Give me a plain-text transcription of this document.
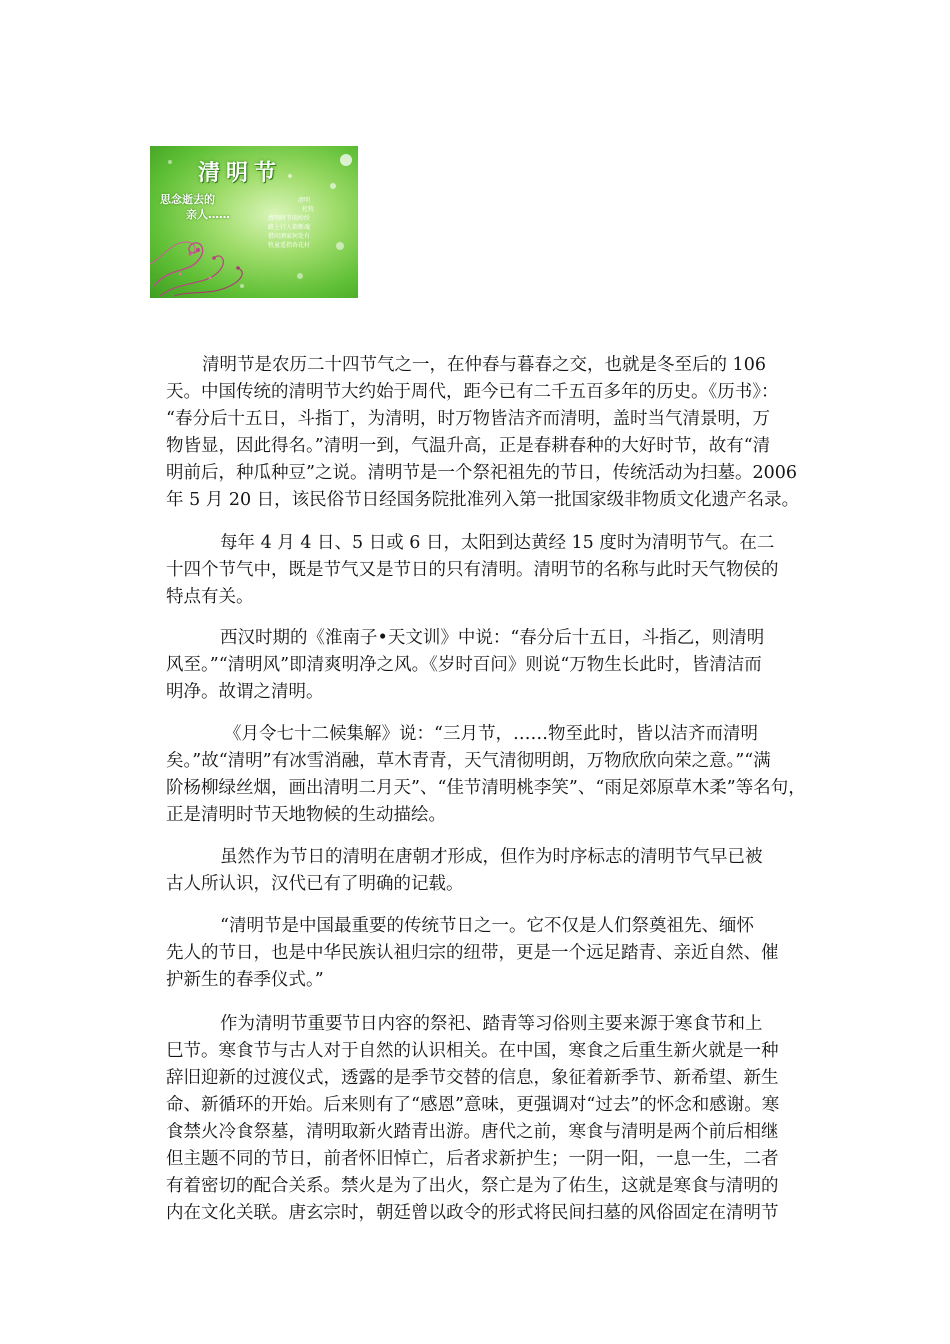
清明节
思念逝去的
亲人……
清明
杜牧
清明时节雨纷纷
路上行人欲断魂
借问酒家何处有
牧童遥指杏花村
清明节是农历二十四节气之一，在仲春与暮春之交，也就是冬至后的 106
天。中国传统的清明节大约始于周代，距今已有二千五百多年的历史。《历书》：
“春分后十五日，斗指丁，为清明，时万物皆洁齐而清明，盖时当气清景明，万
物皆显，因此得名。”清明一到，气温升高，正是春耕春种的大好时节，故有“清
明前后，种瓜种豆”之说。清明节是一个祭祀祖先的节日，传统活动为扫墓。2006
年 5 月 20 日，该民俗节日经国务院批准列入第一批国家级非物质文化遗产名录。
每年 4 月 4 日、5 日或 6 日，太阳到达黄经 15 度时为清明节气。在二
十四个节气中，既是节气又是节日的只有清明。清明节的名称与此时天气物侯的
特点有关。
西汉时期的《淮南子•天文训》中说：“春分后十五日，斗指乙，则清明
风至。”“清明风”即清爽明净之风。《岁时百问》则说“万物生长此时，皆清洁而
明净。故谓之清明。
《月令七十二候集解》说：“三月节，……物至此时，皆以洁齐而清明
矣。”故“清明”有冰雪消融，草木青青，天气清彻明朗，万物欣欣向荣之意。”“满
阶杨柳绿丝烟，画出清明二月天”、“佳节清明桃李笑”、“雨足郊原草木柔”等名句，
正是清明时节天地物候的生动描绘。
虽然作为节日的清明在唐朝才形成，但作为时序标志的清明节气早已被
古人所认识，汉代已有了明确的记载。
“清明节是中国最重要的传统节日之一。它不仅是人们祭奠祖先、缅怀
先人的节日，也是中华民族认祖归宗的纽带，更是一个远足踏青、亲近自然、催
护新生的春季仪式。”
作为清明节重要节日内容的祭祀、踏青等习俗则主要来源于寒食节和上
巳节。寒食节与古人对于自然的认识相关。在中国，寒食之后重生新火就是一种
辞旧迎新的过渡仪式，透露的是季节交替的信息，象征着新季节、新希望、新生
命、新循环的开始。后来则有了“感恩”意味，更强调对“过去”的怀念和感谢。寒
食禁火冷食祭墓，清明取新火踏青出游。唐代之前，寒食与清明是两个前后相继
但主题不同的节日，前者怀旧悼亡，后者求新护生；一阴一阳，一息一生，二者
有着密切的配合关系。禁火是为了出火，祭亡是为了佑生，这就是寒食与清明的
内在文化关联。唐玄宗时，朝廷曾以政令的形式将民间扫墓的风俗固定在清明节
